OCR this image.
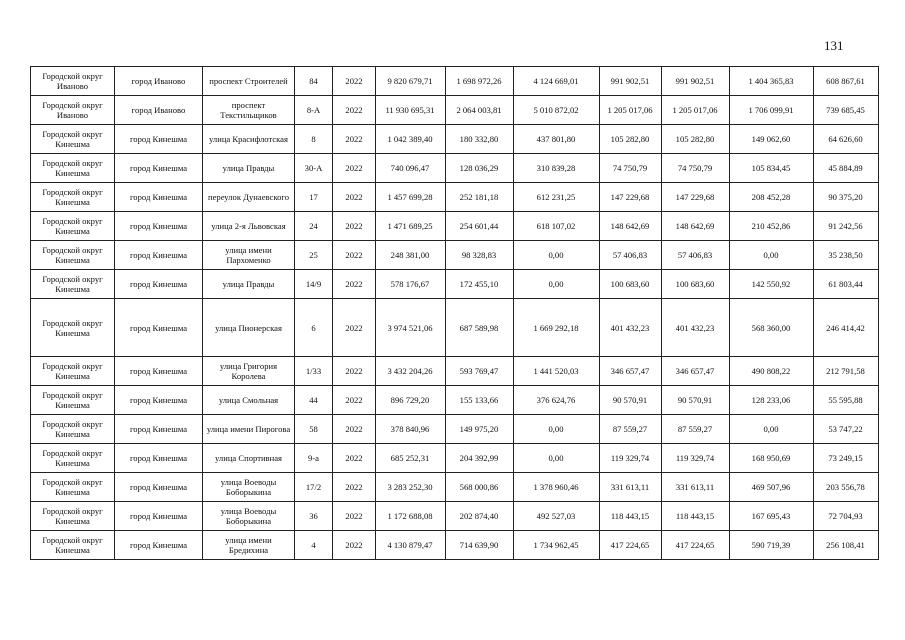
131
Городской округ Иваново	город Иваново	проспект Строителей	84	2022	9 820 679,71	1 698 972,26	4 124 669,01	991 902,51	991 902,51	1 404 365,83	608 867,61
Городской округ Иваново	город Иваново	проспект Текстильщиков	8-А	2022	11 930 695,31	2 064 003,81	5 010 872,02	1 205 017,06	1 205 017,06	1 706 099,91	739 685,45
Городской округ Кинешма	город Кинешма	улица Красифлотская	8	2022	1 042 389,40	180 332,80	437 801,80	105 282,80	105 282,80	149 062,60	64 626,60
Городской округ Кинешма	город Кинешма	улица Правды	30-А	2022	740 096,47	128 036,29	310 839,28	74 750,79	74 750,79	105 834,45	45 884,89
Городской округ Кинешма	город Кинешма	переулок Дунаевского	17	2022	1 457 699,28	252 181,18	612 231,25	147 229,68	147 229,68	208 452,28	90 375,20
Городской округ Кинешма	город Кинешма	улица 2-я Львовская	24	2022	1 471 689,25	254 601,44	618 107,02	148 642,69	148 642,69	210 452,86	91 242,56
Городской округ Кинешма	город Кинешма	улица имени Пархоменко	25	2022	248 381,00	98 328,83	0,00	57 406,83	57 406,83	0,00	35 238,50
Городской округ Кинешма	город Кинешма	улица Правды	14/9	2022	578 176,67	172 455,10	0,00	100 683,60	100 683,60	142 550,92	61 803,44
Городской округ Кинешма	город Кинешма	улица Пионерская	6	2022	3 974 521,06	687 589,98	1 669 292,18	401 432,23	401 432,23	568 360,00	246 414,42
Городской округ Кинешма	город Кинешма	улица Григория Королева	1/33	2022	3 432 204,26	593 769,47	1 441 520,03	346 657,47	346 657,47	490 808,22	212 791,58
Городской округ Кинешма	город Кинешма	улица Смольная	44	2022	896 729,20	155 133,66	376 624,76	90 570,91	90 570,91	128 233,06	55 595,88
Городской округ Кинешма	город Кинешма	улица имени Пирогова	58	2022	378 840,96	149 975,20	0,00	87 559,27	87 559,27	0,00	53 747,22
Городской округ Кинешма	город Кинешма	улица Спортивная	9-а	2022	685 252,31	204 392,99	0,00	119 329,74	119 329,74	168 950,69	73 249,15
Городской округ Кинешма	город Кинешма	улица Воеводы Боборыкина	17/2	2022	3 283 252,30	568 000,86	1 378 960,46	331 613,11	331 613,11	469 507,96	203 556,78
Городской округ Кинешма	город Кинешма	улица Воеводы Боборыкина	36	2022	1 172 688,08	202 874,40	492 527,03	118 443,15	118 443,15	167 695,43	72 704,93
Городской округ Кинешма	город Кинешма	улица имени Бредихина	4	2022	4 130 879,47	714 639,90	1 734 962,45	417 224,65	417 224,65	590 719,39	256 108,41
